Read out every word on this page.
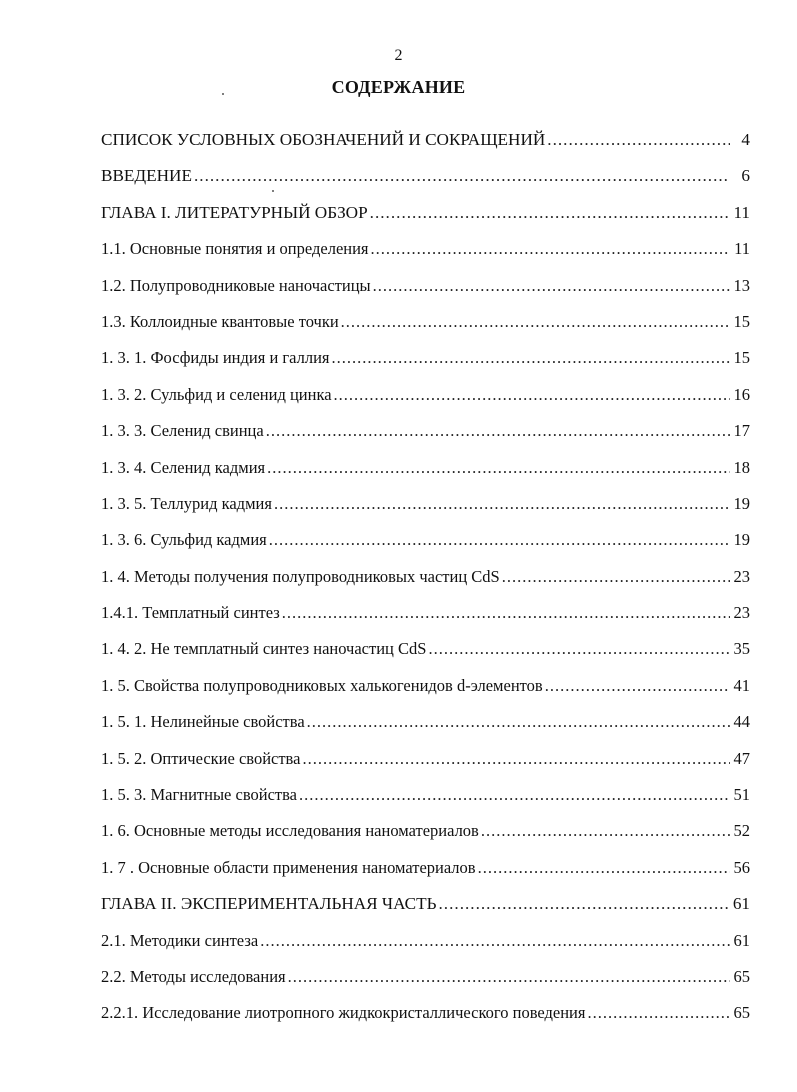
2
СОДЕРЖАНИЕ
СПИСОК УСЛОВНЫХ ОБОЗНАЧЕНИЙ И СОКРАЩЕНИЙ .....	4
ВВЕДЕНИЕ .....	6
ГЛАВА I. ЛИТЕРАТУРНЫЙ ОБЗОР .....	11
1.1. Основные понятия и определения .....	11
1.2. Полупроводниковые наночастицы .....	13
1.3. Коллоидные квантовые точки .....	15
1. 3. 1. Фосфиды индия и галлия .....	15
1. 3. 2. Сульфид и селенид цинка .....	16
1. 3. 3. Селенид свинца .....	17
1. 3. 4. Селенид кадмия .....	18
1. 3. 5. Теллурид кадмия .....	19
1. 3. 6. Сульфид кадмия .....	19
1. 4. Методы получения полупроводниковых частиц CdS .....	23
1.4.1. Темплатный синтез .....	23
1. 4. 2. Не темплатный синтез наночастиц CdS .....	35
1. 5. Свойства полупроводниковых халькогенидов d-элементов .....	41
1. 5. 1. Нелинейные свойства .....	44
1. 5. 2. Оптические свойства .....	47
1. 5. 3. Магнитные свойства .....	51
1. 6. Основные методы исследования наноматериалов .....	52
1. 7 . Основные области применения наноматериалов .....	56
ГЛАВА II. ЭКСПЕРИМЕНТАЛЬНАЯ ЧАСТЬ .....	61
2.1. Методики синтеза .....	61
2.2. Методы исследования .....	65
2.2.1. Исследование лиотропного жидкокристаллического поведения .....	65
